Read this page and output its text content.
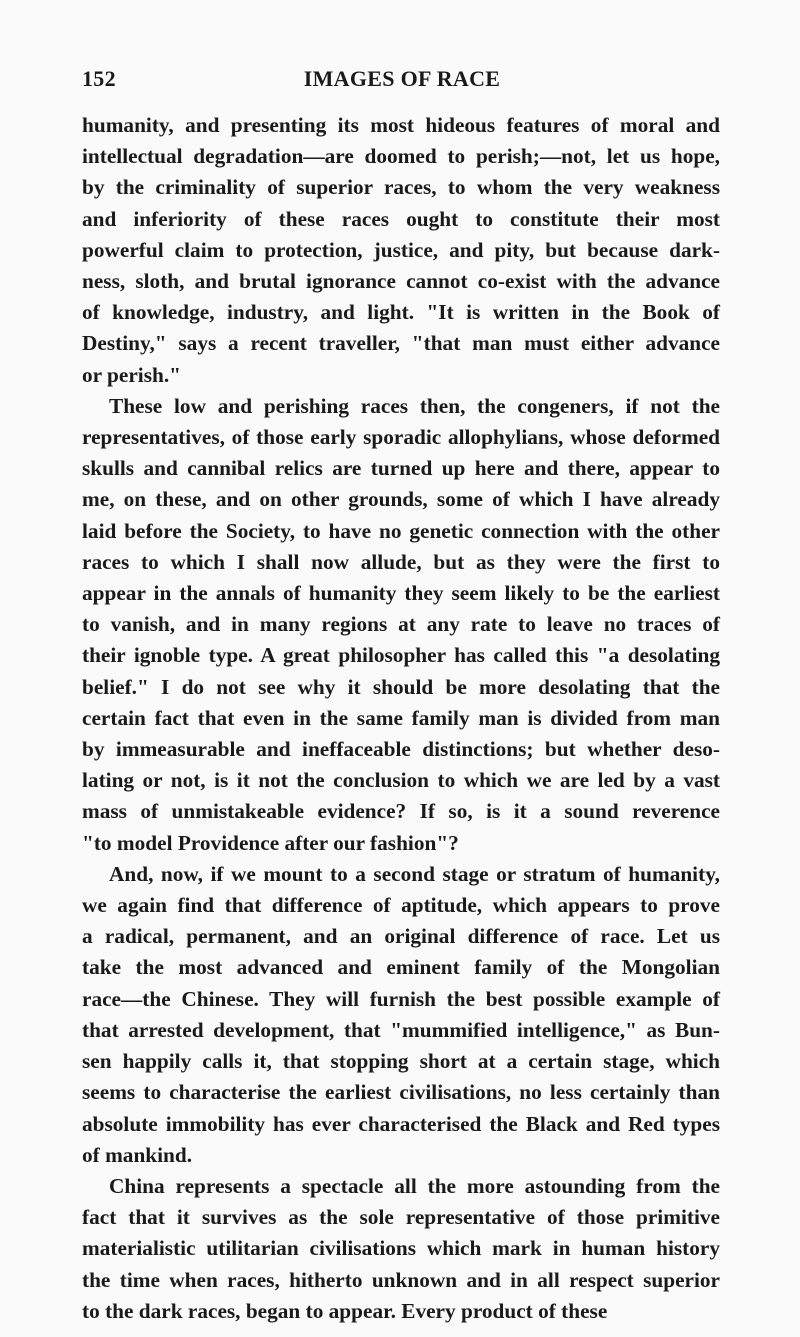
152	IMAGES OF RACE
humanity, and presenting its most hideous features of moral and
intellectual degradation—are doomed to perish;—not, let us hope,
by the criminality of superior races, to whom the very weakness
and inferiority of these races ought to constitute their most
powerful claim to protection, justice, and pity, but because dark-
ness, sloth, and brutal ignorance cannot co-exist with the advance
of knowledge, industry, and light. "It is written in the Book of
Destiny," says a recent traveller, "that man must either advance
or perish."
These low and perishing races then, the congeners, if not the
representatives, of those early sporadic allophylians, whose deformed
skulls and cannibal relics are turned up here and there, appear to
me, on these, and on other grounds, some of which I have already
laid before the Society, to have no genetic connection with the other
races to which I shall now allude, but as they were the first to
appear in the annals of humanity they seem likely to be the earliest
to vanish, and in many regions at any rate to leave no traces of
their ignoble type. A great philosopher has called this "a desolating
belief." I do not see why it should be more desolating that the
certain fact that even in the same family man is divided from man
by immeasurable and ineffaceable distinctions; but whether deso-
lating or not, is it not the conclusion to which we are led by a vast
mass of unmistakeable evidence? If so, is it a sound reverence
"to model Providence after our fashion"?
And, now, if we mount to a second stage or stratum of humanity,
we again find that difference of aptitude, which appears to prove
a radical, permanent, and an original difference of race. Let us
take the most advanced and eminent family of the Mongolian
race—the Chinese. They will furnish the best possible example of
that arrested development, that "mummified intelligence," as Bun-
sen happily calls it, that stopping short at a certain stage, which
seems to characterise the earliest civilisations, no less certainly than
absolute immobility has ever characterised the Black and Red types
of mankind.
China represents a spectacle all the more astounding from the
fact that it survives as the sole representative of those primitive
materialistic utilitarian civilisations which mark in human history
the time when races, hitherto unknown and in all respect superior
to the dark races, began to appear. Every product of these
